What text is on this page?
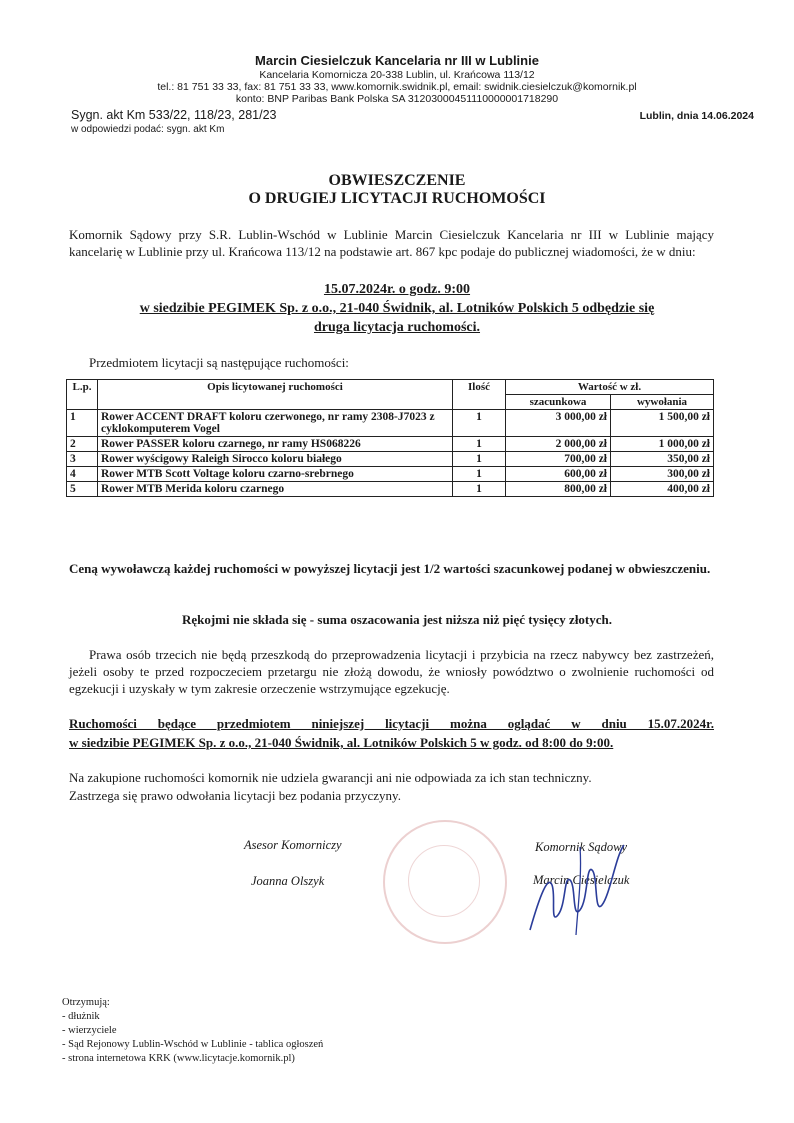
Marcin Ciesielczuk Kancelaria nr III w Lublinie
Kancelaria Komornicza 20-338 Lublin, ul. Krańcowa 113/12
tel.: 81 751 33 33, fax: 81 751 33 33, www.komornik.swidnik.pl, email: swidnik.ciesielczuk@komornik.pl
konto: BNP Paribas Bank Polska SA 31203000451110000001718290
Sygn. akt Km 533/22, 118/23, 281/23
w odpowiedzi podać: sygn. akt Km
Lublin, dnia 14.06.2024
OBWIESZCZENIE
O DRUGIEJ LICYTACJI RUCHOMOŚCI
Komornik Sądowy przy S.R. Lublin-Wschód w Lublinie Marcin Ciesielczuk Kancelaria nr III w Lublinie mający kancelarię w Lublinie przy ul. Krańcowa 113/12 na podstawie art. 867 kpc podaje do publicznej wiadomości, że w dniu:
15.07.2024r. o godz. 9:00
w siedzibie PEGIMEK Sp. z o.o., 21-040 Świdnik, al. Lotników Polskich 5 odbędzie się
druga licytacja ruchomości.
Przedmiotem licytacji są następujące ruchomości:
L.p.	Opis licytowanej ruchomości	Ilość	Wartość w zł.	
			szacunkowa	wywołania
1	Rower ACCENT DRAFT koloru czerwonego, nr ramy 2308-J7023 z cyklokomputerem Vogel	1	3 000,00 zł	1 500,00 zł
2	Rower PASSER koloru czarnego, nr ramy HS068226	1	2 000,00 zł	1 000,00 zł
3	Rower wyścigowy Raleigh Sirocco koloru białego	1	700,00 zł	350,00 zł
4	Rower MTB Scott Voltage koloru czarno-srebrnego	1	600,00 zł	300,00 zł
5	Rower MTB Merida koloru czarnego	1	800,00 zł	400,00 zł
Ceną wywoławczą każdej ruchomości w powyższej licytacji jest 1/2 wartości szacunkowej podanej w obwieszczeniu.
Rękojmi nie składa się - suma oszacowania jest niższa niż pięć tysięcy złotych.
Prawa osób trzecich nie będą przeszkodą do przeprowadzenia licytacji i przybicia na rzecz nabywcy bez zastrzeżeń, jeżeli osoby te przed rozpoczeciem przetargu nie złożą dowodu, że wniosły powództwo o zwolnienie ruchomości od egzekucji i uzyskały w tym zakresie orzeczenie wstrzymujące egzekucję.
Ruchomości będące przedmiotem niniejszej licytacji można oglądać w dniu 15.07.2024r.
w siedzibie PEGIMEK Sp. z o.o., 21-040 Świdnik, al. Lotników Polskich 5 w godz. od 8:00 do 9:00.
Na zakupione ruchomości komornik nie udziela gwarancji ani nie odpowiada za ich stan techniczny.
Zastrzega się prawo odwołania licytacji bez podania przyczyny.
Asesor Komorniczy
Joanna Olszyk
Komornik Sądowy
Marcin Ciesielczuk
Otrzymują:
- dłużnik
- wierzyciele
- Sąd Rejonowy Lublin-Wschód w Lublinie - tablica ogłoszeń
- strona internetowa KRK (www.licytacje.komornik.pl)
